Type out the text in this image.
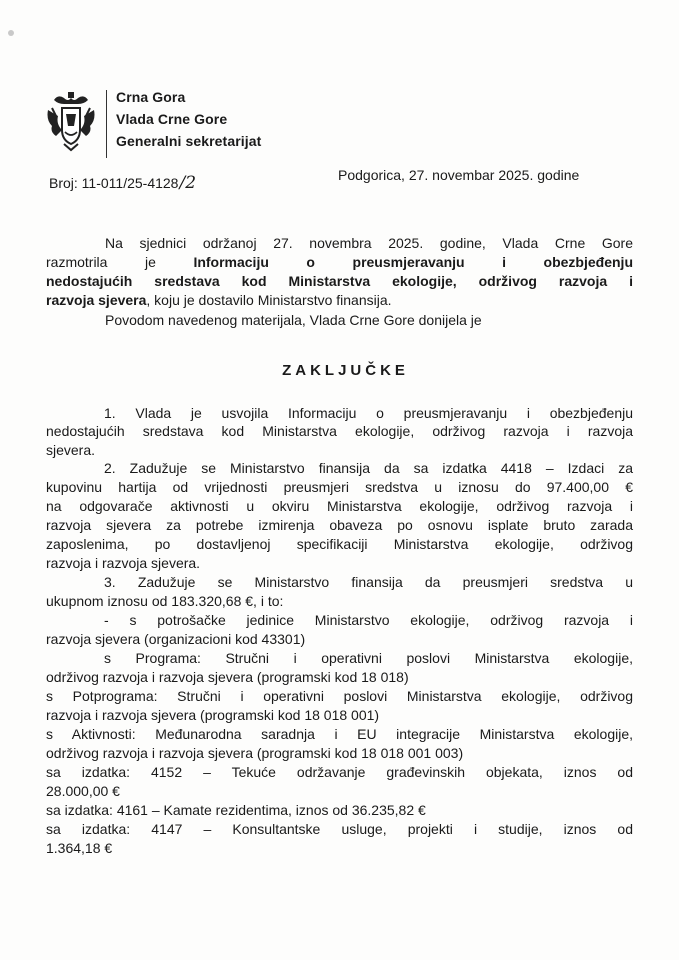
Crna Gora
Vlada Crne Gore
Generalni sekretarijat
Broj: 11-011/25-4128/2	Podgorica, 27. novembar 2025. godine
Na sjednici održanoj 27. novembra 2025. godine, Vlada Crne Gore
razmotrila je Informaciju o preusmjeravanju i obezbjeđenju
nedostajućih sredstava kod Ministarstva ekologije, održivog razvoja i
razvoja sjevera, koju je dostavilo Ministarstvo finansija.
Povodom navedenog materijala, Vlada Crne Gore donijela je
ZAKLJUČKE
1. Vlada je usvojila Informaciju o preusmjeravanju i obezbjeđenju
nedostajućih sredstava kod Ministarstva ekologije, održivog razvoja i razvoja
sjevera.
2. Zadužuje se Ministarstvo finansija da sa izdatka 4418 – Izdaci za
kupovinu hartija od vrijednosti preusmjeri sredstva u iznosu do 97.400,00 €
na odgovarače aktivnosti u okviru Ministarstva ekologije, održivog razvoja i
razvoja sjevera za potrebe izmirenja obaveza po osnovu isplate bruto zarada
zaposlenima, po dostavljenoj specifikaciji Ministarstva ekologije, održivog
razvoja i razvoja sjevera.
3. Zadužuje se Ministarstvo finansija da preusmjeri sredstva u
ukupnom iznosu od 183.320,68 €, i to:
- s potrošačke jedinice Ministarstvo ekologije, održivog razvoja i
razvoja sjevera (organizacioni kod 43301)
s Programa: Stručni i operativni poslovi Ministarstva ekologije,
održivog razvoja i razvoja sjevera (programski kod 18 018)
s Potprograma: Stručni i operativni poslovi Ministarstva ekologije, održivog
razvoja i razvoja sjevera (programski kod 18 018 001)
s Aktivnosti: Međunarodna saradnja i EU integracije Ministarstva ekologije,
održivog razvoja i razvoja sjevera (programski kod 18 018 001 003)
sa izdatka: 4152 – Tekuće održavanje građevinskih objekata, iznos od
28.000,00 €
sa izdatka: 4161 – Kamate rezidentima, iznos od 36.235,82 €
sa izdatka: 4147 – Konsultantske usluge, projekti i studije, iznos od
1.364,18 €
